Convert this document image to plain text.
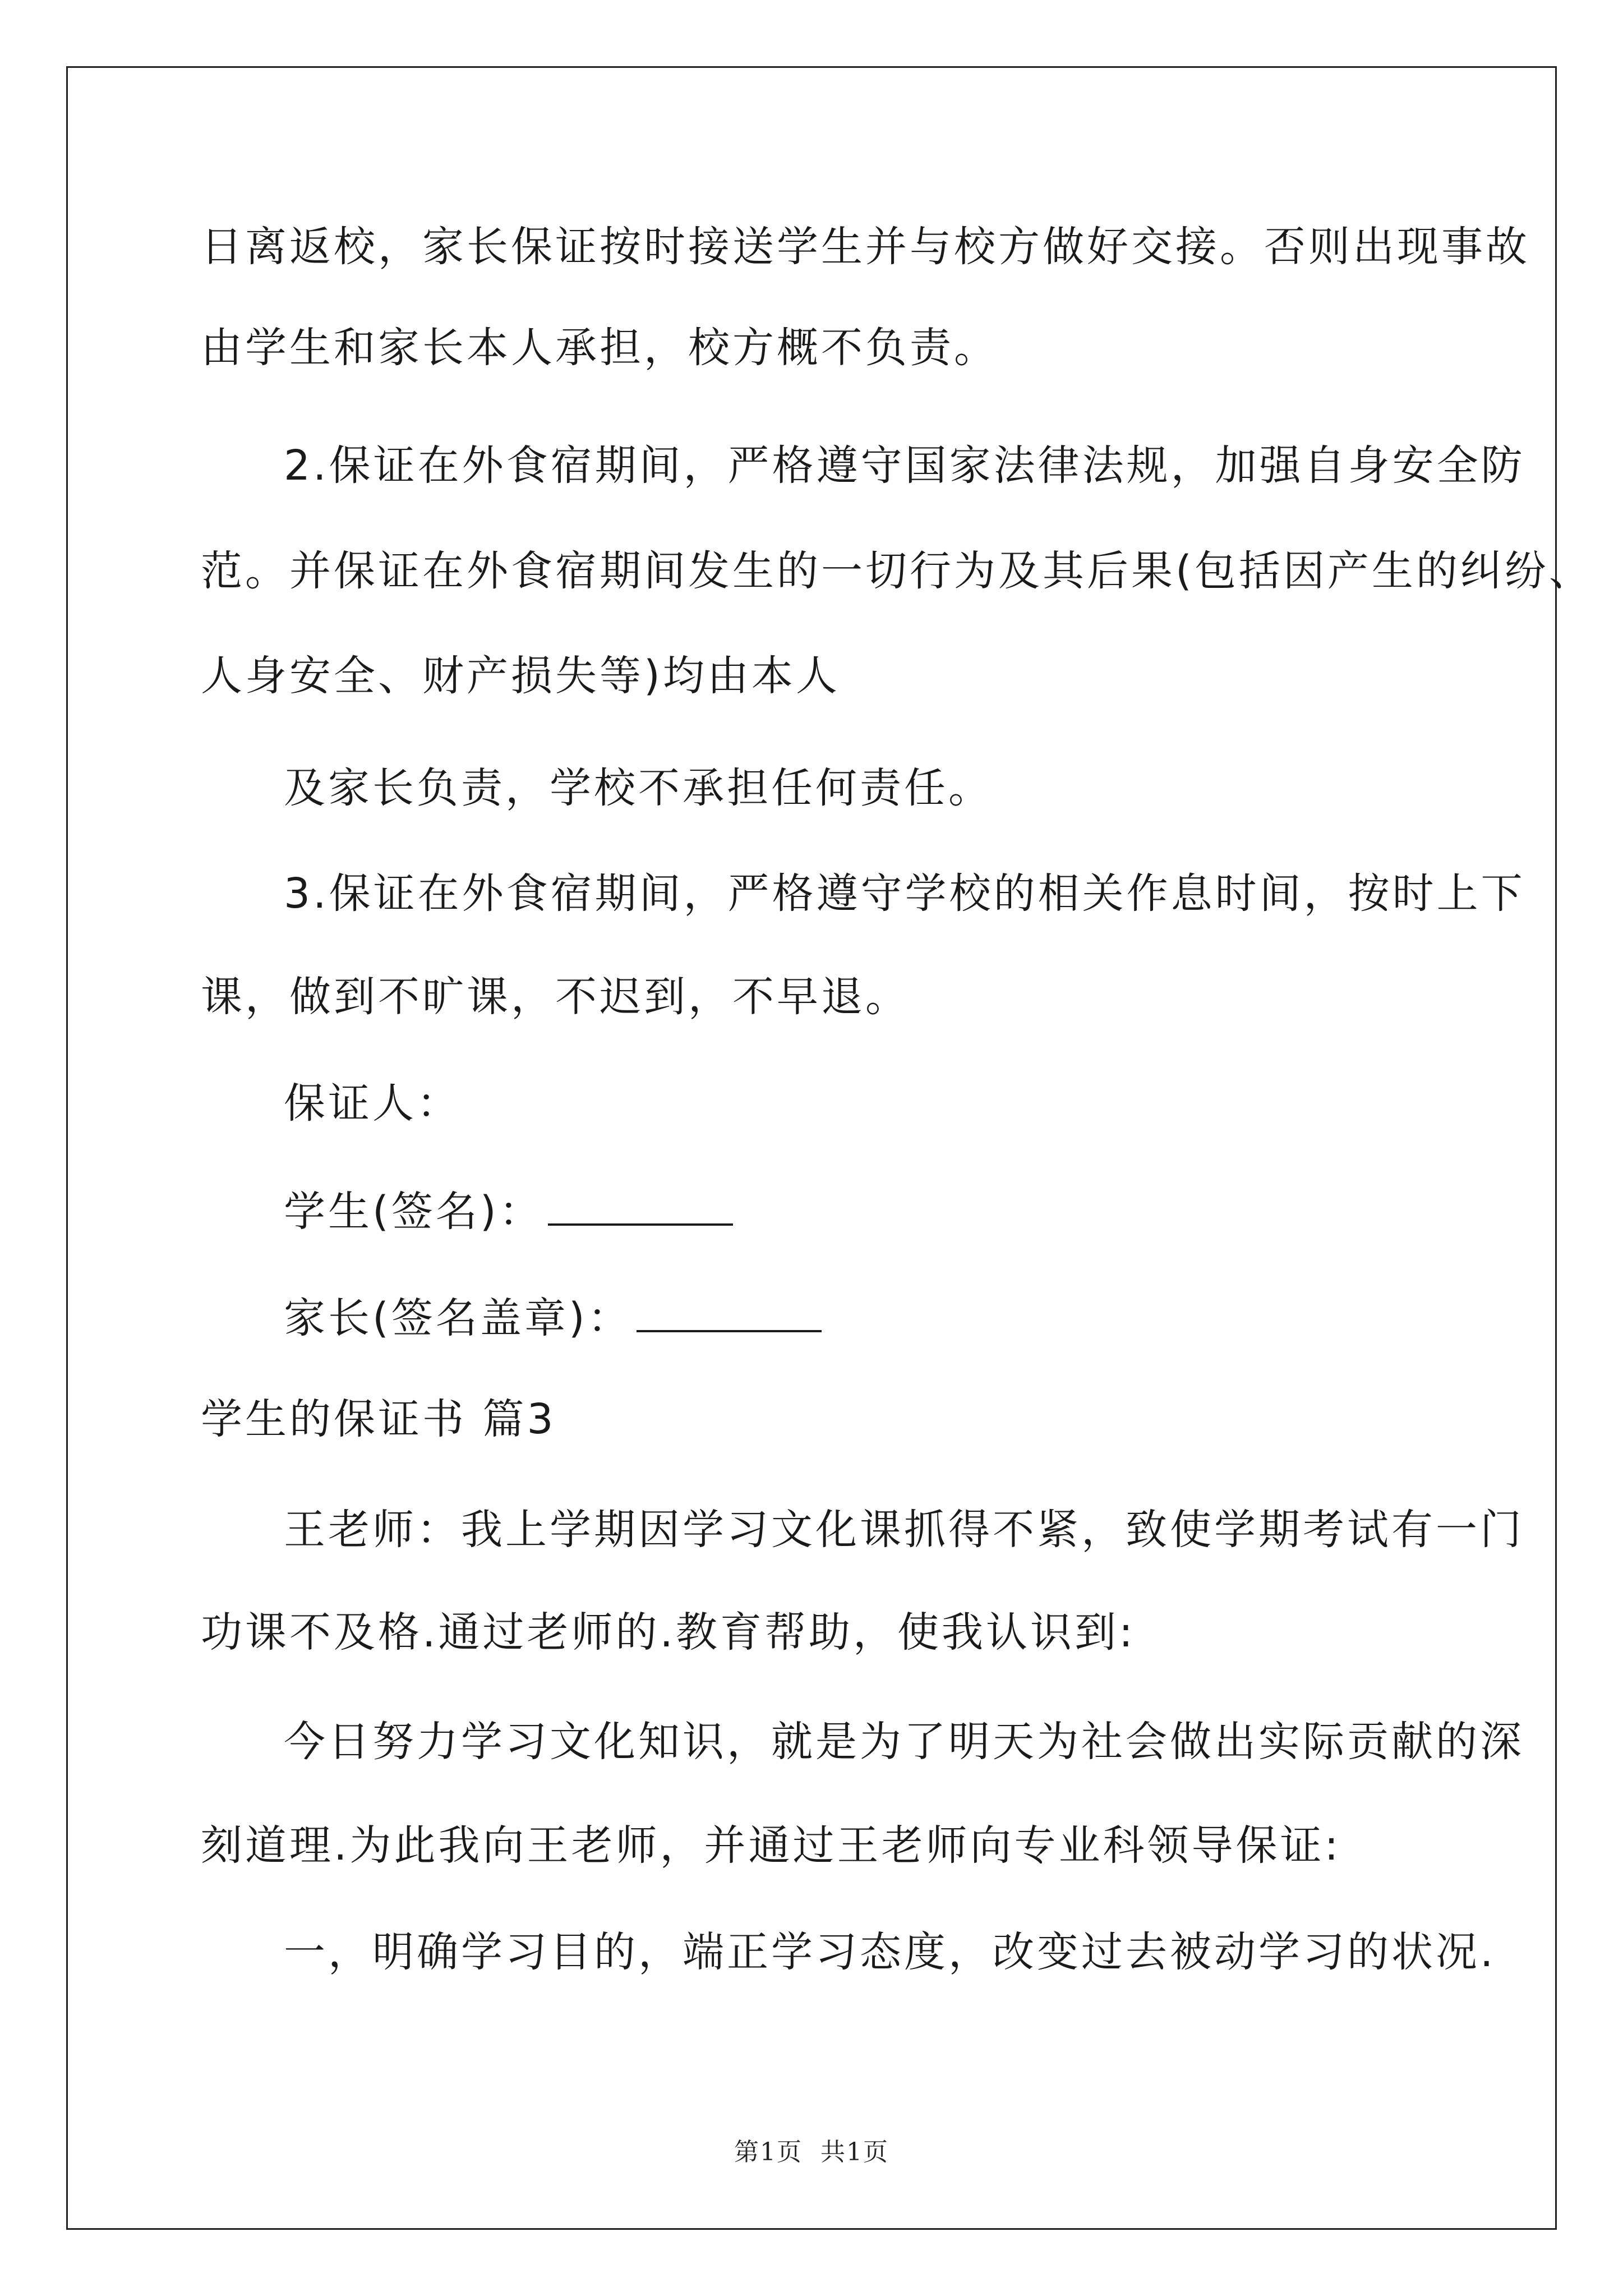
日离返校，家长保证按时接送学生并与校方做好交接。否则出现事故
由学生和家长本人承担，校方概不负责。
2.保证在外食宿期间，严格遵守国家法律法规，加强自身安全防
范。并保证在外食宿期间发生的一切行为及其后果(包括因产生的纠纷、
人身安全、财产损失等)均由本人
及家长负责，学校不承担任何责任。
3.保证在外食宿期间，严格遵守学校的相关作息时间，按时上下
课，做到不旷课，不迟到，不早退。
保证人：
学生(签名)：
家长(签名盖章)：
学生的保证书 篇3
王老师：我上学期因学习文化课抓得不紧，致使学期考试有一门
功课不及格.通过老师的.教育帮助，使我认识到:
今日努力学习文化知识，就是为了明天为社会做出实际贡献的深
刻道理.为此我向王老师，并通过王老师向专业科领导保证:
一，明确学习目的，端正学习态度，改变过去被动学习的状况.
第1页 共1页
